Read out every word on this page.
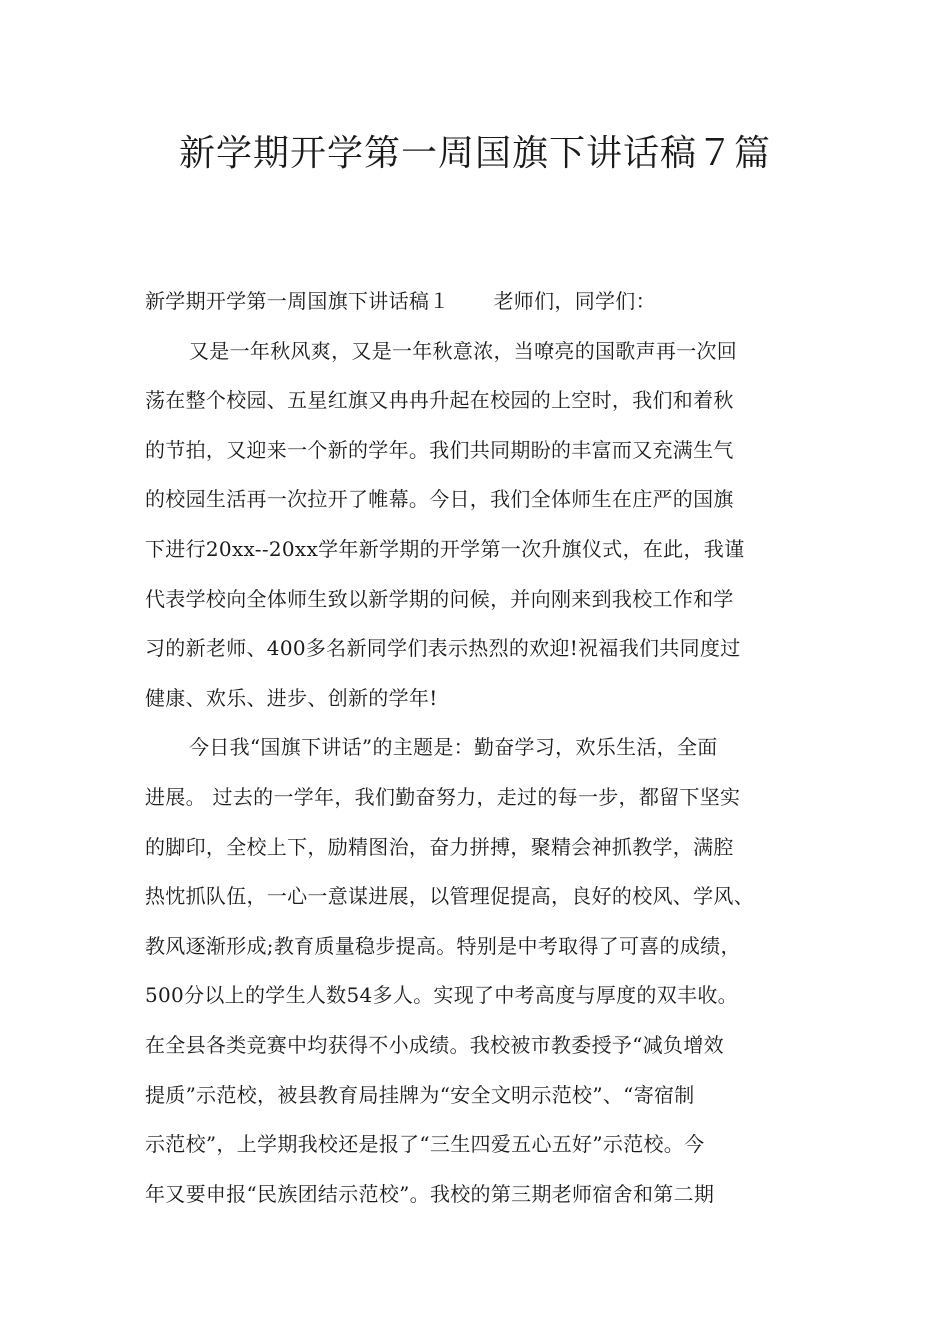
新学期开学第一周国旗下讲话稿７篇
新学期开学第一周国旗下讲话稿１ 老师们，同学们：
又是一年秋风爽，又是一年秋意浓，当嘹亮的国歌声再一次回
荡在整个校园、五星红旗又冉冉升起在校园的上空时，我们和着秋
的节拍，又迎来一个新的学年。我们共同期盼的丰富而又充满生气
的校园生活再一次拉开了帷幕。今日，我们全体师生在庄严的国旗
下进行20xx--20xx学年新学期的开学第一次升旗仪式，在此，我谨
代表学校向全体师生致以新学期的问候，并向刚来到我校工作和学
习的新老师、400多名新同学们表示热烈的欢迎!祝福我们共同度过
健康、欢乐、进步、创新的学年!
今日我“国旗下讲话”的主题是：勤奋学习，欢乐生活，全面
进展。 过去的一学年，我们勤奋努力，走过的每一步，都留下坚实
的脚印，全校上下，励精图治，奋力拼搏，聚精会神抓教学，满腔
热忱抓队伍，一心一意谋进展，以管理促提高，良好的校风、学风、
教风逐渐形成;教育质量稳步提高。特别是中考取得了可喜的成绩，
500分以上的学生人数54多人。实现了中考高度与厚度的双丰收。
在全县各类竞赛中均获得不小成绩。我校被市教委授予“减负增效
提质”示范校，被县教育局挂牌为“安全文明示范校”、“寄宿制
示范校”，上学期我校还是报了“三生四爱五心五好”示范校。今
年又要申报“民族团结示范校”。我校的第三期老师宿舍和第二期
